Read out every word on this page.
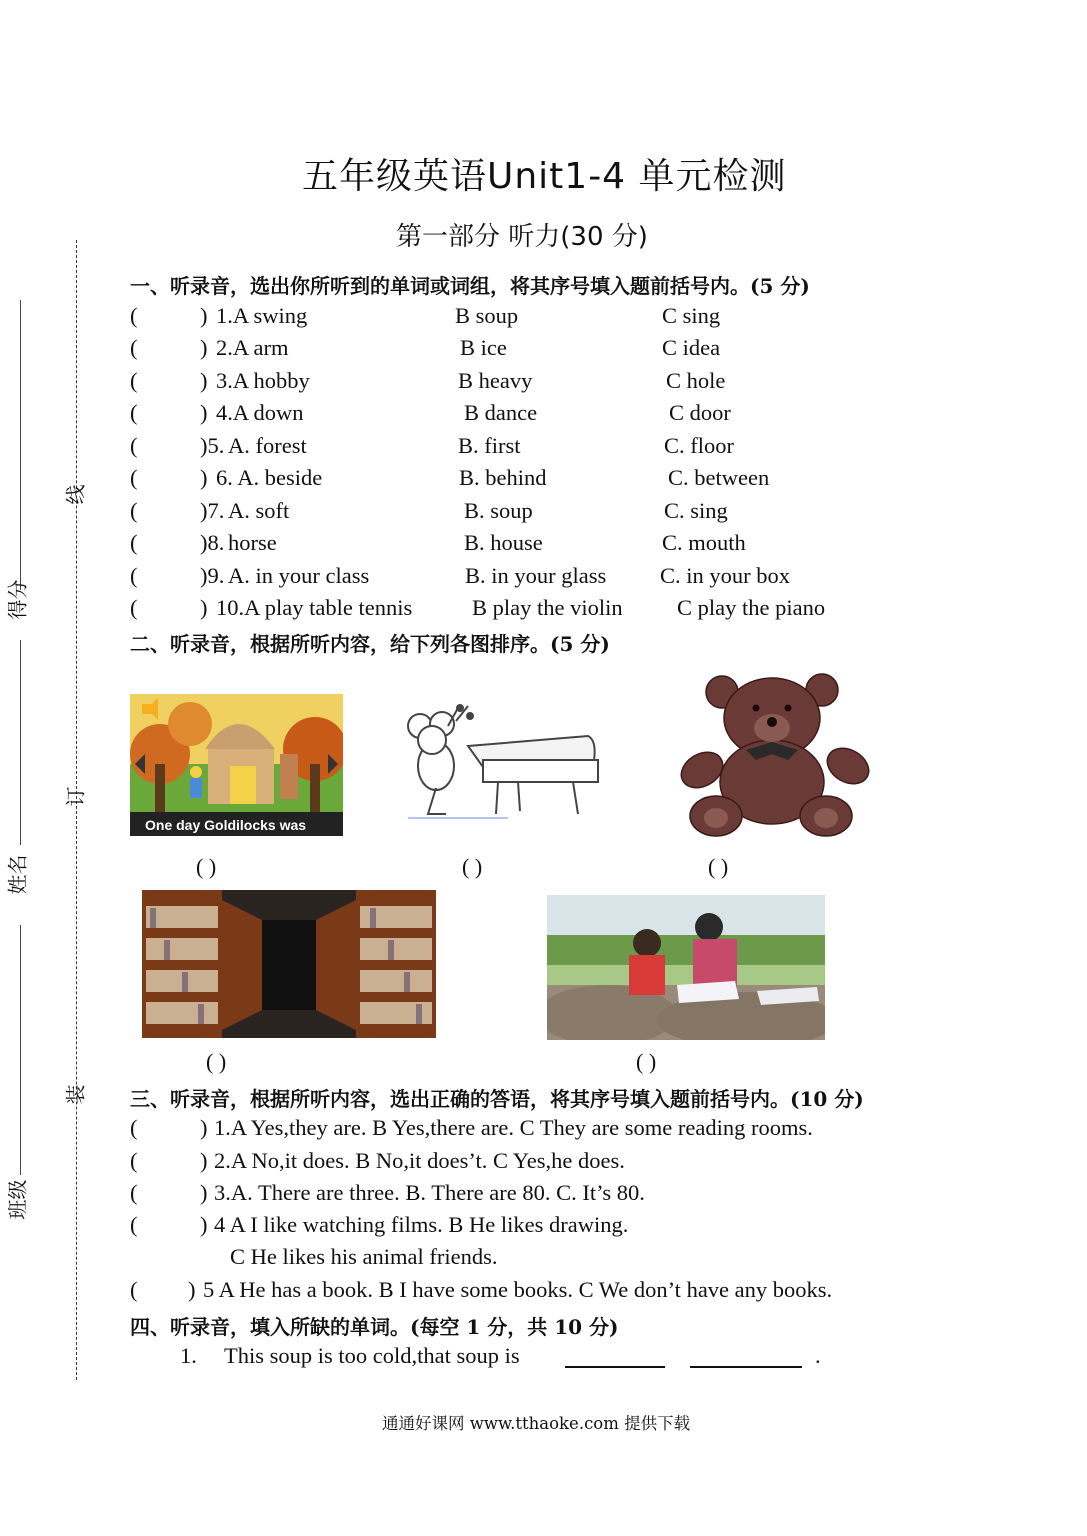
线
订
装
得分
姓名
班级
五年级英语Unit1-4 单元检测
第一部分 听力(30 分)
一、听录音，选出你所听到的单词或词组，将其序号填入题前括号内。(5 分)
(	) 1.A swing	B soup	C sing
(	) 2.A arm	B ice	C idea
(	) 3.A hobby	B heavy	C hole
(	) 4.A down	B dance	C door
(	)5. A. forest	B. first	C. floor
(	) 6. A. beside	B. behind	C. between
(	)7. A. soft	B. soup	C. sing
(	)8. horse	B. house	C. mouth
(	)9. A. in your class	B. in your glass C. in your box
(	) 10.A play table tennis	B play the violin C play the piano
二、听录音，根据所听内容，给下列各图排序。(5 分)
One day Goldilocks was
( )	( )	( )
( )	( )
三、听录音，根据所听内容，选出正确的答语，将其序号填入题前括号内。(10 分)
(	) 1.A Yes,they are. B Yes,there are. C They are some reading rooms.
(	) 2.A No,it does. B No,it does’t. C Yes,he does.
(	) 3.A. There are three. B. There are 80. C. It’s 80.
(	) 4 A I like watching films. B He likes drawing.
C He likes his animal friends.
( ) 5 A He has a book. B I have some books. C We don’t have any books.
四、听录音，填入所缺的单词。(每空 1 分，共 10 分)
1. This soup is too cold,that soup is	.
通通好课网 www.tthaoke.com 提供下载
